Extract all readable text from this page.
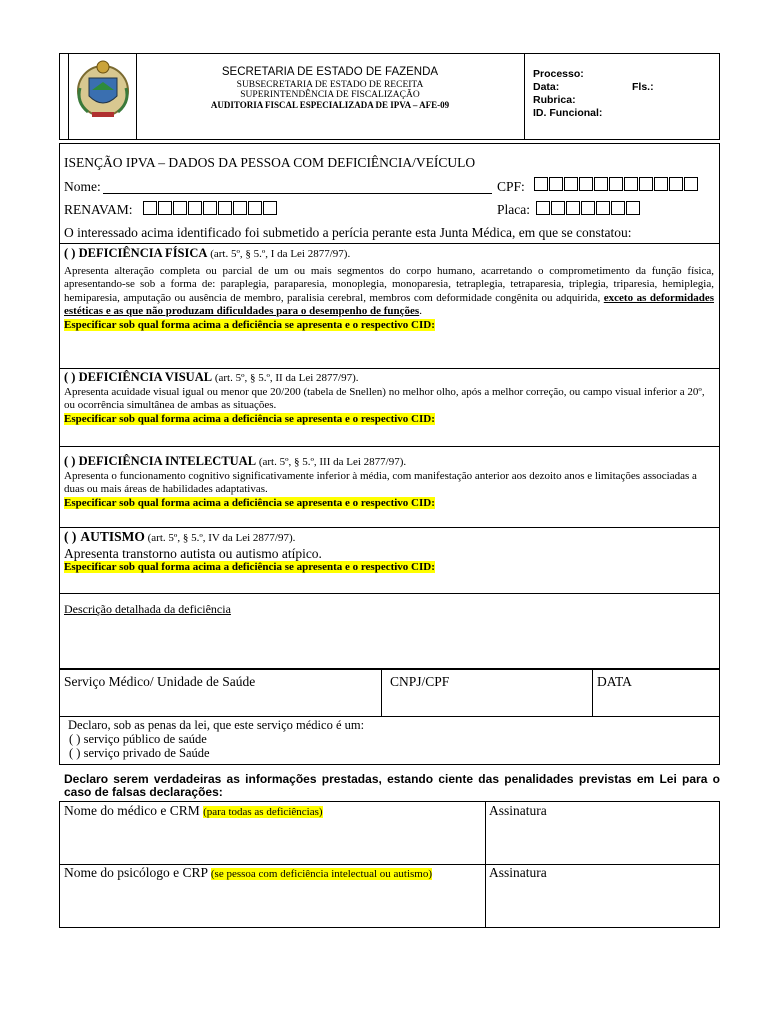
SECRETARIA DE ESTADO DE FAZENDA
SUBSECRETARIA DE ESTADO DE RECEITA
SUPERINTENDÊNCIA DE FISCALIZAÇÃO
AUDITORIA FISCAL ESPECIALIZADA DE IPVA – AFE-09
Processo:
Data:	Fls.:
Rubrica:
ID. Funcional:
ISENÇÃO IPVA – DADOS DA PESSOA COM DEFICIÊNCIA/VEÍCULO
Nome:	CPF:
RENAVAM:	Placa:
O interessado acima identificado foi submetido a perícia perante esta Junta Médica, em que se constatou:
( ) DEFICIÊNCIA FÍSICA (art. 5º, § 5.º, I da Lei 2877/97).
Apresenta alteração completa ou parcial de um ou mais segmentos do corpo humano, acarretando o comprometimento da função física, apresentando-se sob a forma de: paraplegia, paraparesia, monoplegia, monoparesia, tetraplegia, tetraparesia, triplegia, triparesia, hemiplegia, hemiparesia, amputação ou ausência de membro, paralisia cerebral, membros com deformidade congênita ou adquirida, exceto as deformidades estéticas e as que não produzam dificuldades para o desempenho de funções.
Especificar sob qual forma acima a deficiência se apresenta e o respectivo CID:
( ) DEFICIÊNCIA VISUAL (art. 5º, § 5.º, II da Lei 2877/97).
Apresenta acuidade visual igual ou menor que 20/200 (tabela de Snellen) no melhor olho, após a melhor correção, ou campo visual inferior a 20º, ou ocorrência simultânea de ambas as situações.
Especificar sob qual forma acima a deficiência se apresenta e o respectivo CID:
( ) DEFICIÊNCIA INTELECTUAL (art. 5º, § 5.º, III da Lei 2877/97).
Apresenta o funcionamento cognitivo significativamente inferior à média, com manifestação anterior aos dezoito anos e limitações associadas a duas ou mais áreas de habilidades adaptativas.
Especificar sob qual forma acima a deficiência se apresenta e o respectivo CID:
( ) AUTISMO (art. 5º, § 5.º, IV da Lei 2877/97).
Apresenta transtorno autista ou autismo atípico.
Especificar sob qual forma acima a deficiência se apresenta e o respectivo CID:
Descrição detalhada da deficiência
Serviço Médico/ Unidade de Saúde	CNPJ/CPF	DATA
Declaro, sob as penas da lei, que este serviço médico é um:
( ) serviço público de saúde
( ) serviço privado de Saúde
Declaro serem verdadeiras as informações prestadas, estando ciente das penalidades previstas em Lei para o caso de falsas declarações:
Nome do médico e CRM (para todas as deficiências)	Assinatura
Nome do psicólogo e CRP (se pessoa com deficiência intelectual ou autismo)	Assinatura
